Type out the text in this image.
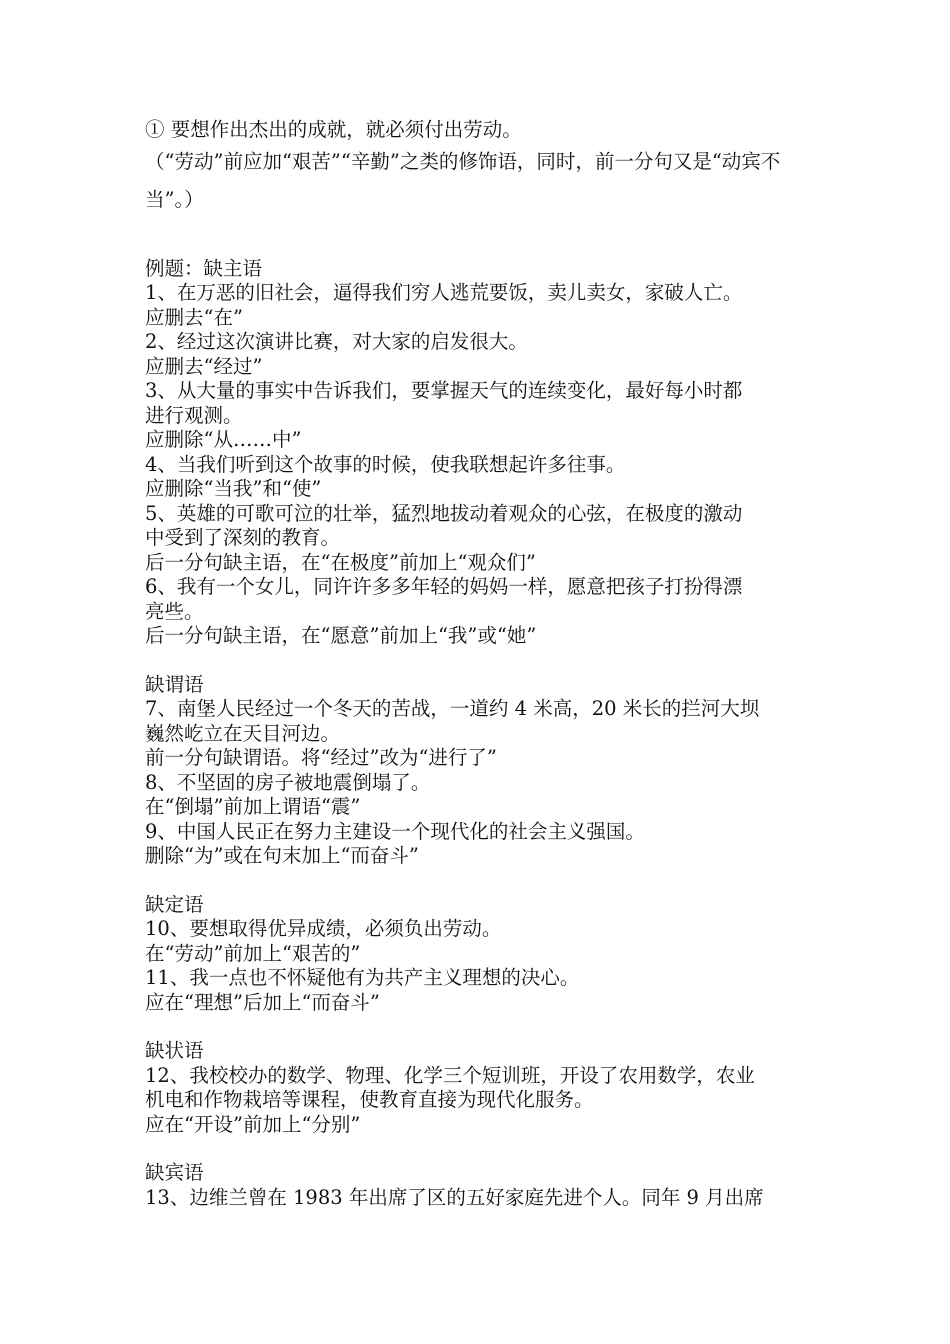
① 要想作出杰出的成就，就必须付出劳动。
（“劳动”前应加“艰苦”“辛勤”之类的修饰语，同时，前一分句又是“动宾不 当”。）
例题：缺主语
1、在万恶的旧社会，逼得我们穷人逃荒要饭，卖儿卖女，家破人亡。
应删去“在”
2、经过这次演讲比赛，对大家的启发很大。
应删去“经过”
3、从大量的事实中告诉我们，要掌握天气的连续变化，最好每小时都
进行观测。
应删除“从……中”
4、当我们听到这个故事的时候，使我联想起许多往事。
应删除“当我”和“使”
5、英雄的可歌可泣的壮举，猛烈地拔动着观众的心弦，在极度的激动
中受到了深刻的教育。
后一分句缺主语，在“在极度”前加上“观众们”
6、我有一个女儿，同许许多多年轻的妈妈一样，愿意把孩子打扮得漂
亮些。
后一分句缺主语，在“愿意”前加上“我”或“她”
缺谓语
7、南堡人民经过一个冬天的苦战，一道约 4 米高，20 米长的拦河大坝
巍然屹立在天目河边。
前一分句缺谓语。将“经过”改为“进行了”
8、不坚固的房子被地震倒塌了。
在“倒塌”前加上谓语“震”
9、中国人民正在努力主建设一个现代化的社会主义强国。
删除“为”或在句末加上“而奋斗”
缺定语
10、要想取得优异成绩，必须负出劳动。
在“劳动”前加上“艰苦的”
11、我一点也不怀疑他有为共产主义理想的决心。
应在“理想”后加上“而奋斗”
缺状语
12、我校校办的数学、物理、化学三个短训班，开设了农用数学，农业
机电和作物栽培等课程，使教育直接为现代化服务。
应在“开设”前加上“分别”
缺宾语
13、边维兰曾在 1983 年出席了区的五好家庭先进个人。同年 9 月出席
